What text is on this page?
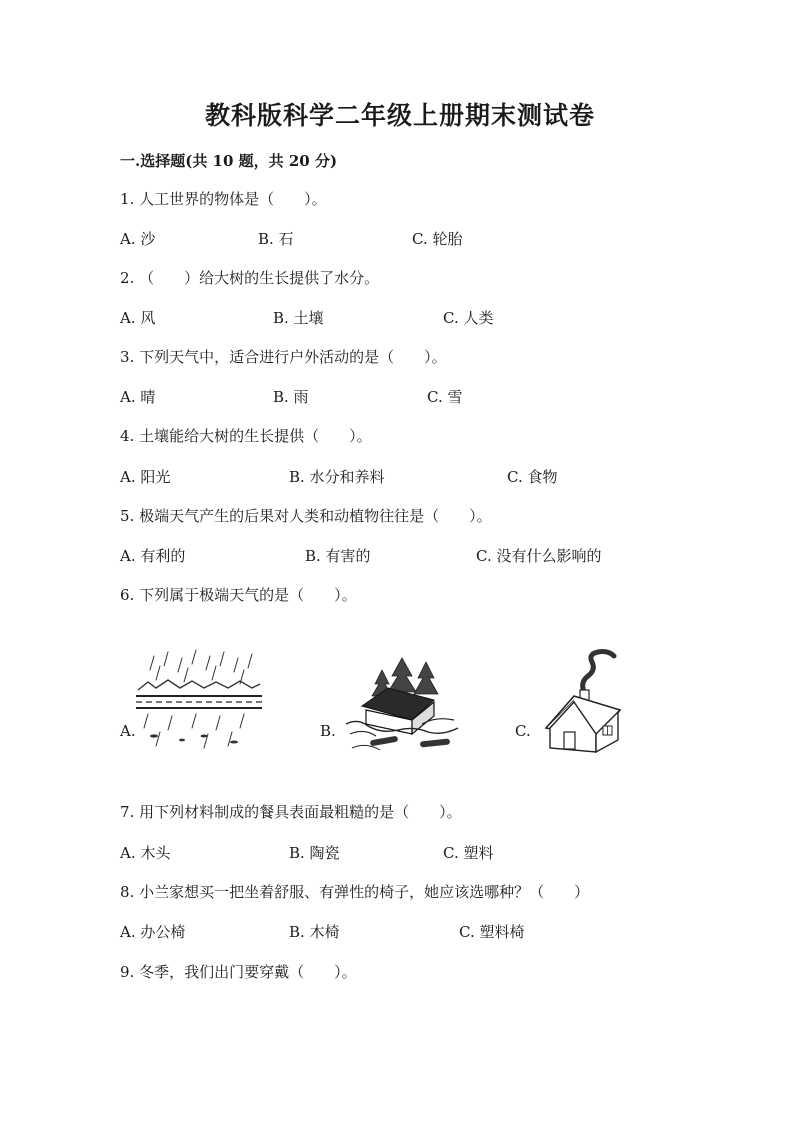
教科版科学二年级上册期末测试卷
一.选择题(共 10 题，共 20 分)
1. 人工世界的物体是（　　）。
A. 沙	B. 石	C. 轮胎
2. （　　）给大树的生长提供了水分。
A. 风	B. 土壤	C. 人类
3. 下列天气中，适合进行户外活动的是（　　）。
A. 晴	B. 雨	C. 雪
4. 土壤能给大树的生长提供（　　）。
A. 阳光	B. 水分和养料	C. 食物
5. 极端天气产生的后果对人类和动植物往往是（　　）。
A. 有利的	B. 有害的	C. 没有什么影响的
6. 下列属于极端天气的是（　　）。
A.	B.	C.
7. 用下列材料制成的餐具表面最粗糙的是（　　）。
A. 木头	B. 陶瓷	C. 塑料
8. 小兰家想买一把坐着舒服、有弹性的椅子，她应该选哪种？（　　）
A. 办公椅	B. 木椅	C. 塑料椅
9. 冬季，我们出门要穿戴（　　）。
